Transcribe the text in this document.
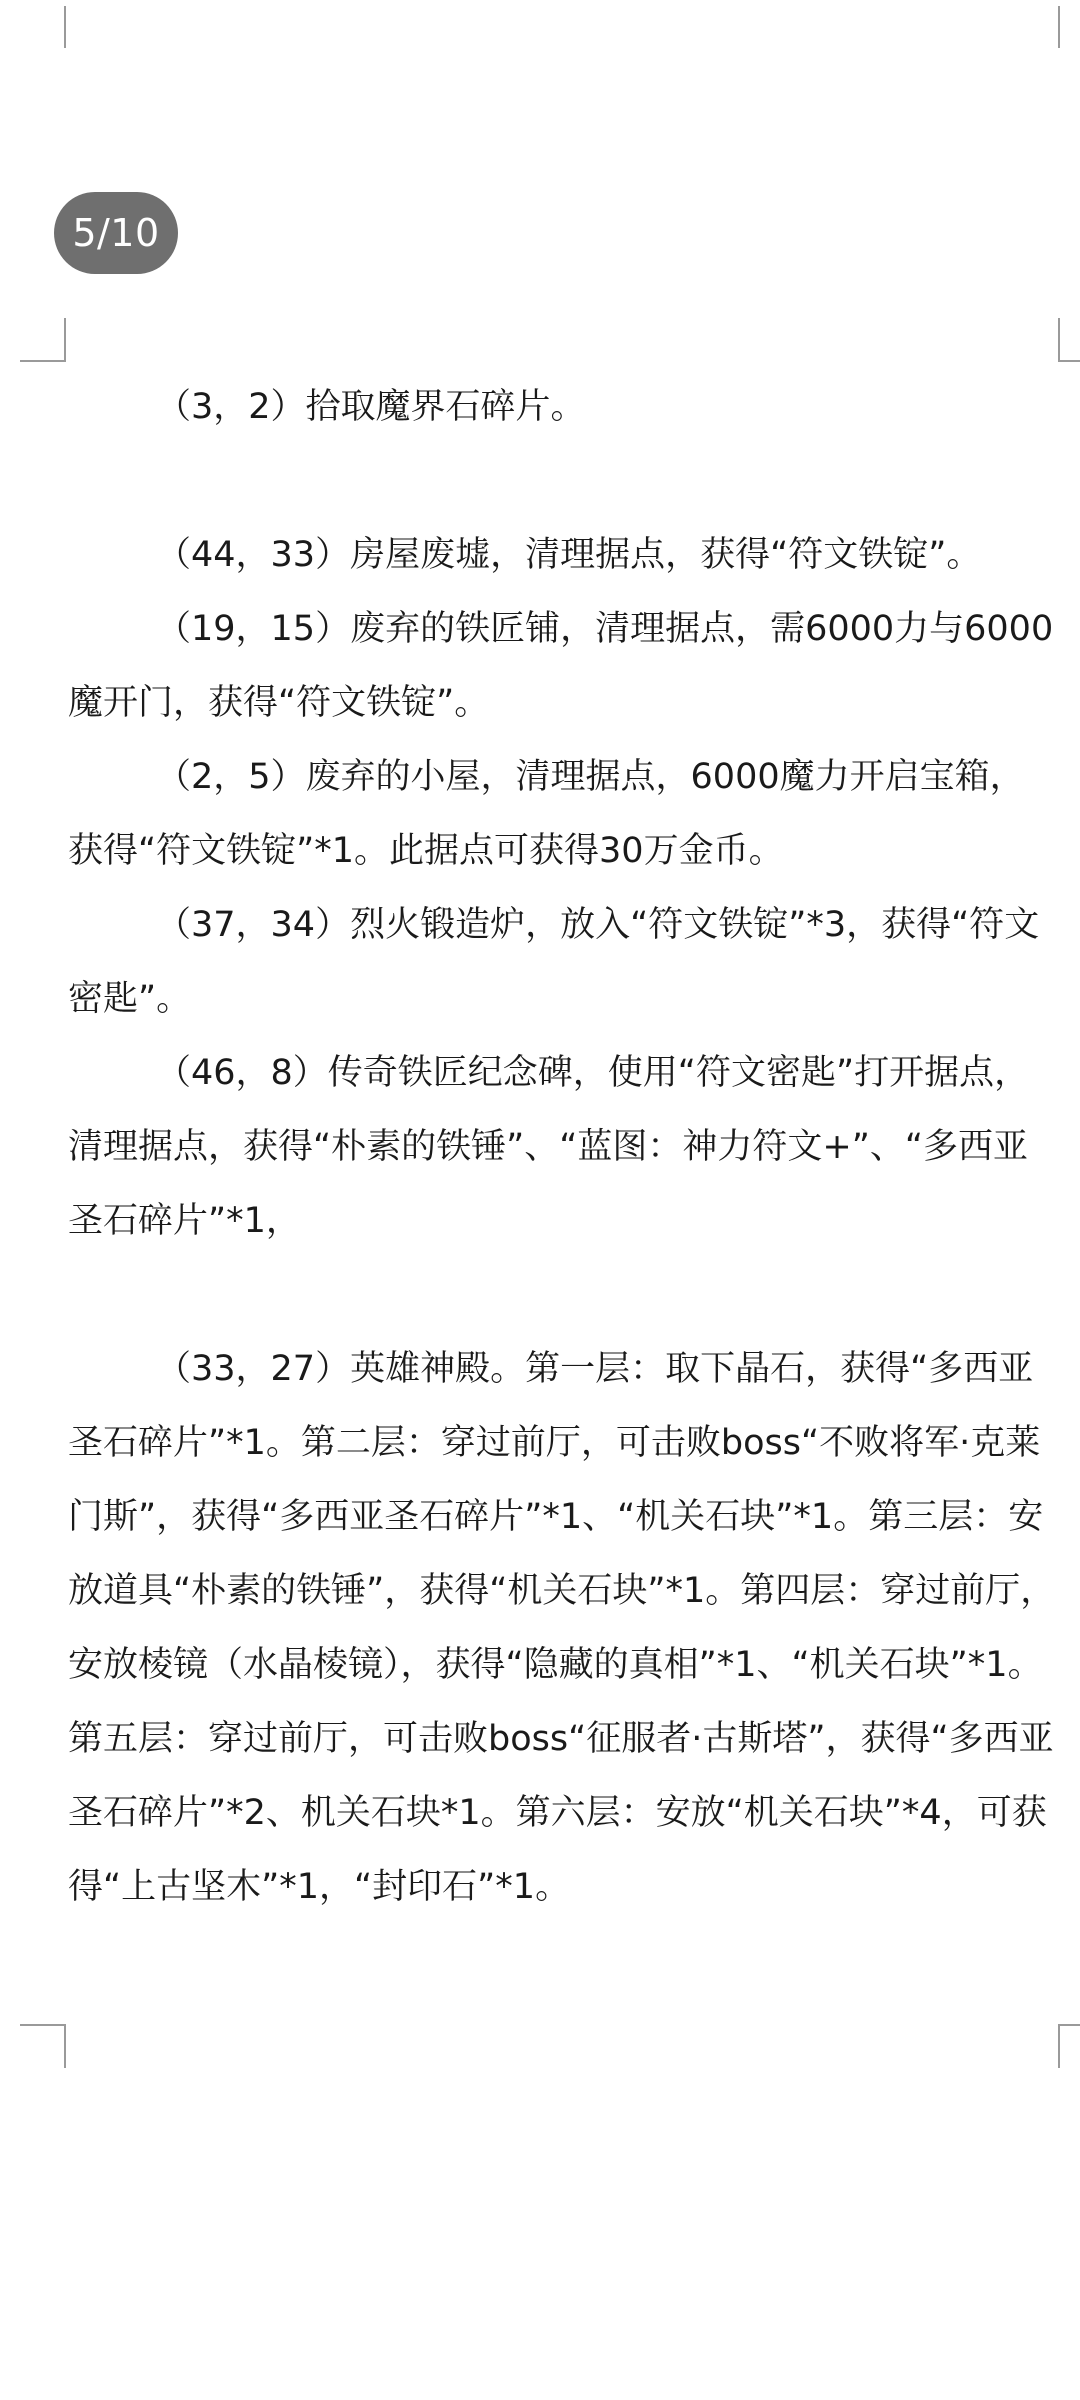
5/10

（3，2）拾取魔界石碎片。

（44，33）房屋废墟，清理据点，获得“符文铁锭”。

（19，15）废弃的铁匠铺，清理据点，需6000力与6000魔开门，获得“符文铁锭”。

（2，5）废弃的小屋，清理据点，6000魔力开启宝箱，获得“符文铁锭”*1。此据点可获得30万金币。

（37，34）烈火锻造炉，放入“符文铁锭”*3，获得“符文密匙”。

（46，8）传奇铁匠纪念碑，使用“符文密匙”打开据点，清理据点，获得“朴素的铁锤”、“蓝图：神力符文+”、“多西亚圣石碎片”*1，

（33，27）英雄神殿。第一层：取下晶石，获得“多西亚圣石碎片”*1。第二层：穿过前厅，可击败boss“不败将军·克莱门斯”，获得“多西亚圣石碎片”*1、“机关石块”*1。第三层：安放道具“朴素的铁锤”，获得“机关石块”*1。第四层：穿过前厅，安放棱镜（水晶棱镜），获得“隐藏的真相”*1、“机关石块”*1。第五层：穿过前厅，可击败boss“征服者·古斯塔”，获得“多西亚圣石碎片”*2、机关石块*1。第六层：安放“机关石块”*4，可获得“上古坚木”*1，“封印石”*1。
